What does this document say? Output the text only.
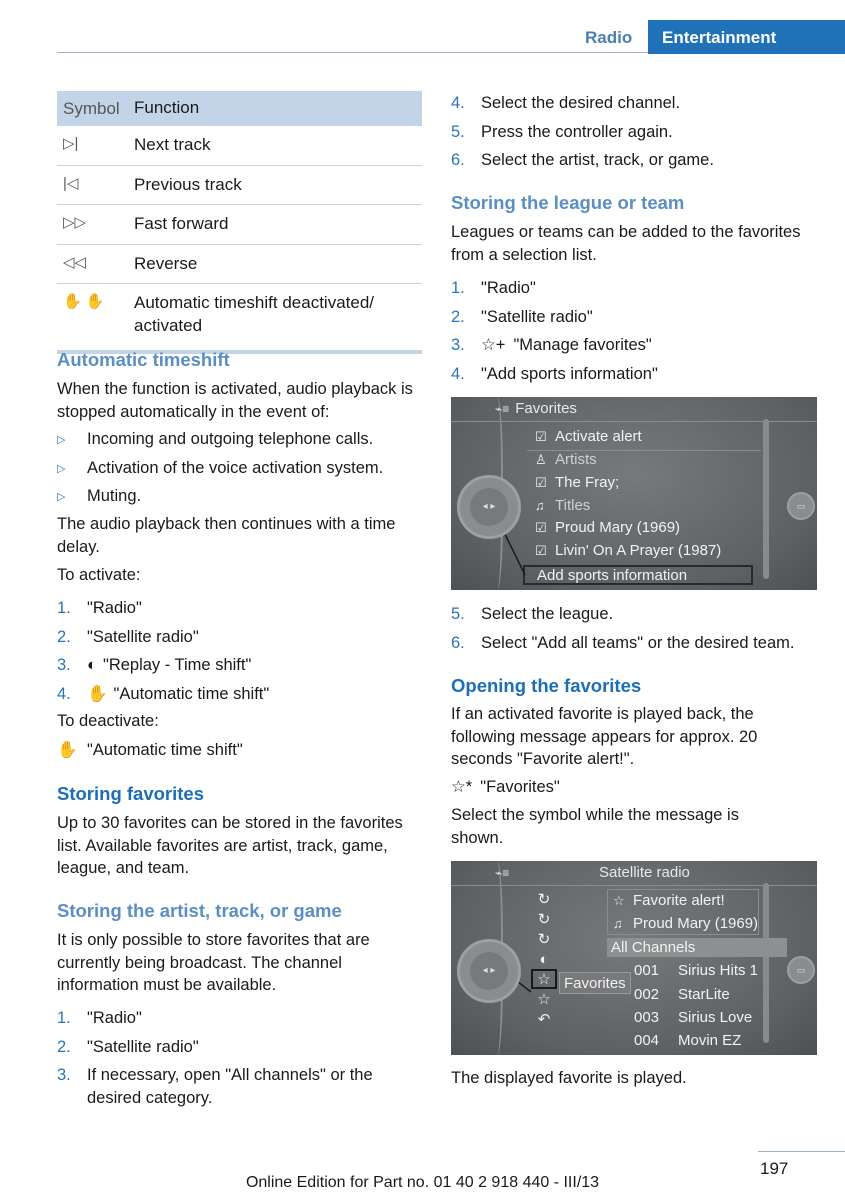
Radio	Entertainment
Symbol Function
▷|	Next track
|◁	Previous track
▷▷	Fast forward
◁◁	Reverse
✋ ✋	Automatic timeshift deactivated/ activated
Automatic timeshift
When the function is activated, audio playback is stopped automatically in the event of:
▷ Incoming and outgoing telephone calls.
▷ Activation of the voice activation system.
▷ Muting.
The audio playback then continues with a time delay.
To activate:
1. "Radio"
2. "Satellite radio"
3. ◐ "Replay - Time shift"
4. ✋ "Automatic time shift"
To deactivate:
✋ "Automatic time shift"
Storing favorites
Up to 30 favorites can be stored in the favorites list. Available favorites are artist, track, game, league, and team.
Storing the artist, track, or game
It is only possible to store favorites that are currently being broadcast. The channel information must be available.
1. "Radio"
2. "Satellite radio"
3. If necessary, open "All channels" or the desired category.
4. Select the desired channel.
5. Press the controller again.
6. Select the artist, track, or game.
Storing the league or team
Leagues or teams can be added to the favorites from a selection list.
1. "Radio"
2. "Satellite radio"
3. ☆+ "Manage favorites"
4. "Add sports information"
⌁≡ Favorites
☑ Activate alert
♙ Artists
☑ The Fray;
♫ Titles
☑ Proud Mary (1969)
☑ Livin' On A Prayer (1987)
Add sports information
◂ ▸	▭
5. Select the league.
6. Select "Add all teams" or the desired team.
Opening the favorites
If an activated favorite is played back, the following message appears for approx. 20 seconds "Favorite alert!".
☆* "Favorites"
Select the symbol while the message is shown.
⌁≡	Satellite radio
↻
↻
↻
◐
☆
☆
↶
☆ Favorite alert!
♫ Proud Mary (1969)
All Channels
001	Sirius Hits 1
002	StarLite
003	Sirius Love
004	Movin EZ
Favorites
◂ ▸	▭
The displayed favorite is played.
197
Online Edition for Part no. 01 40 2 918 440 - III/13
